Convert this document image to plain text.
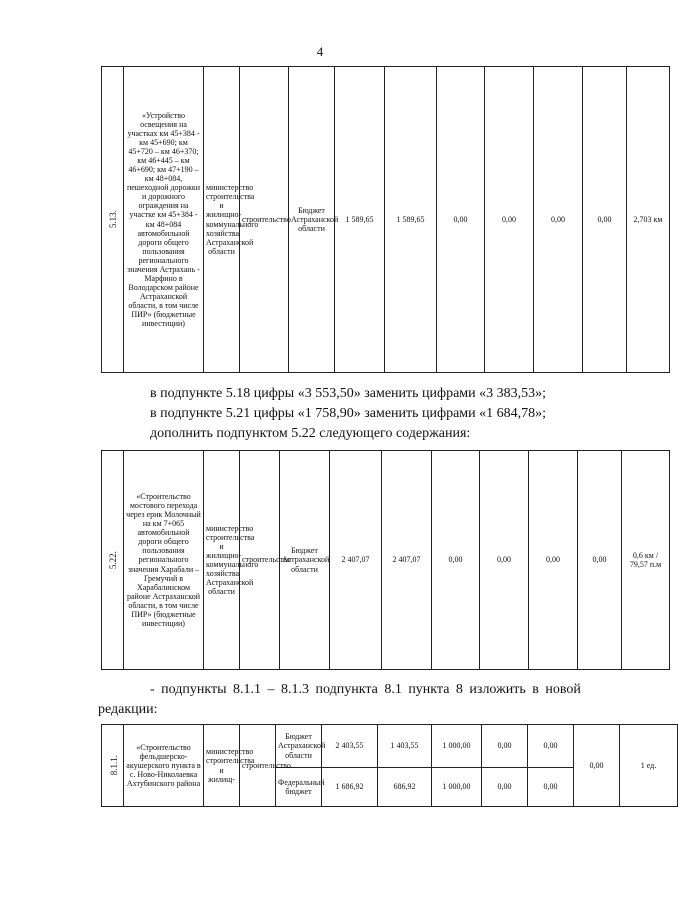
4
5.13.	«Устройство освещения на участках км 45+384 - км 45+690; км 45+720 – км 46+370; км 46+445 – км 46+690; км 47+190 – км 48+084, пешеходной дорожки и дорожного ограждения на участке км 45+384 - км 48+084 автомобильной дороги общего пользования регионального значения Астрахань - Марфино в Володарском районе Астраханской области, в том числе ПИР» (бюджетные инвестиции)	министерство строительства и жилищно-коммунального хозяйства Астраханской области	строительство	Бюджет Астраханской области	1 589,65	1 589,65	0,00	0,00	0,00	0,00	2,703 км
в подпункте 5.18 цифры «3 553,50» заменить цифрами «3 383,53»;
в подпункте 5.21 цифры «1 758,90» заменить цифрами «1 684,78»;
дополнить подпунктом 5.22 следующего содержания:
5.22.	«Строительство мостового перехода через ерик Молочный на км 7+065 автомобильной дороги общего пользования регионального значения Харабали – Гремучий в Харабалинском районе Астраханской области, в том числе ПИР» (бюджетные инвестиции)	министерство строительства и жилищно-коммунального хозяйства Астраханской области	строительство	Бюджет Астраханской области	2 407,07	2 407,07	0,00	0,00	0,00	0,00	0,6 км / 79,57 п.м
- подпункты 8.1.1 – 8.1.3 подпункта 8.1 пункта 8 изложить в новой
редакции:
8.1.1.	«Строительство фельдшерско-акушерского пункта в с. Ново-Николаевка Ахтубинского района	министерство строительства и жилищ-	строительство	Бюджет Астраханской области	2 403,55	1 403,55	1 000,00	0,00	0,00	0,00	1 ед.
				Федеральный бюджет	1 686,92	686,92	1 000,00	0,00	0,00		
